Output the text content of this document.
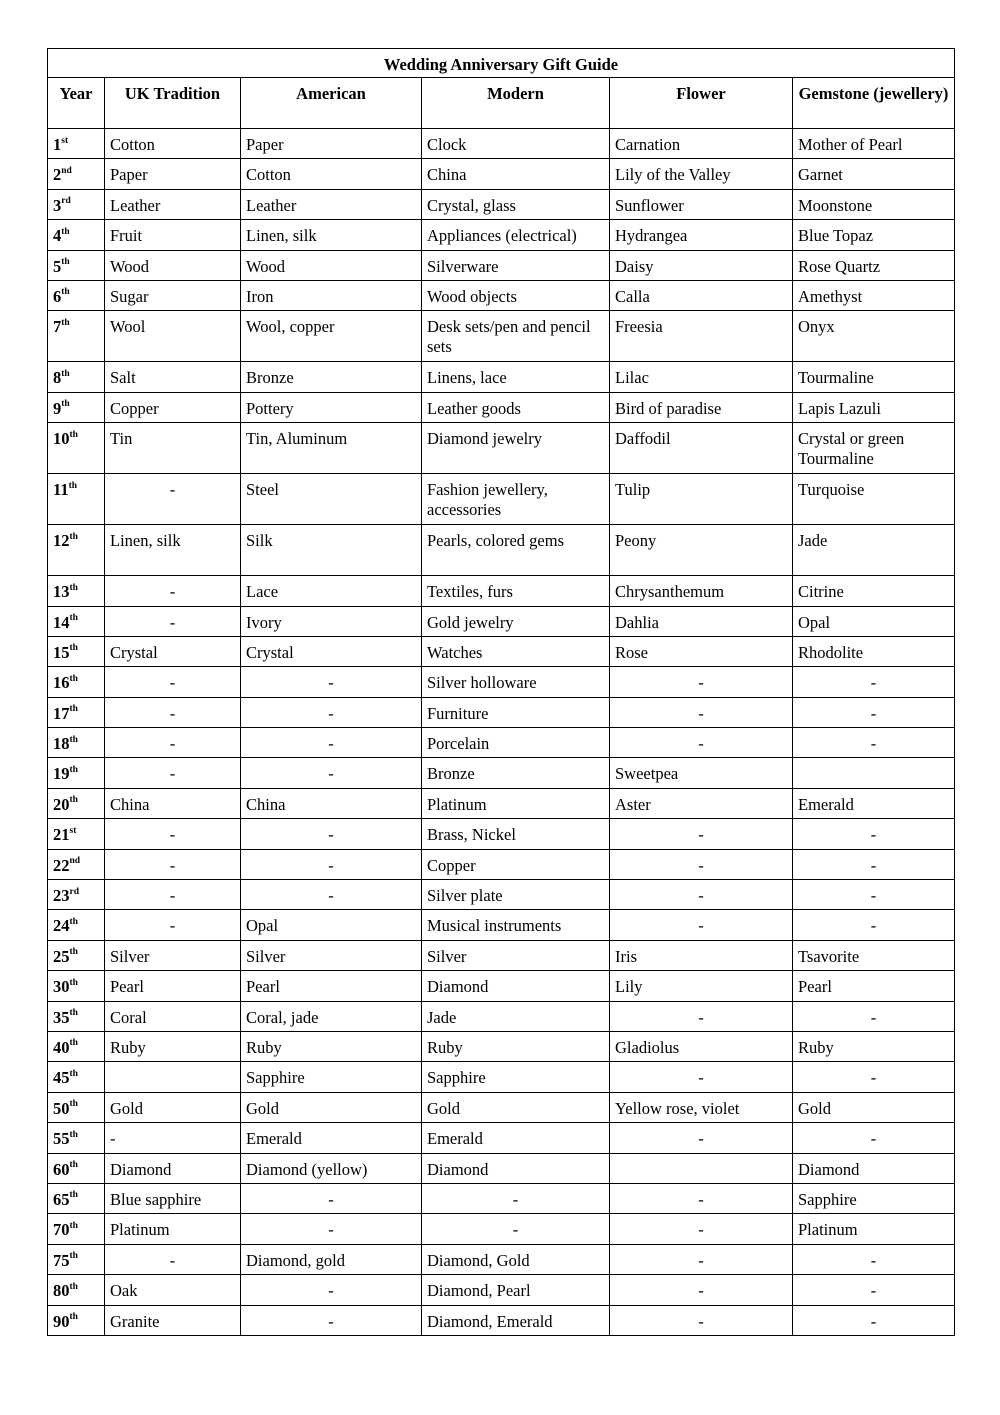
Wedding Anniversary Gift Guide					
Year	UK Tradition	American	Modern	Flower	Gemstone (jewellery)
1st	Cotton	Paper	Clock	Carnation	Mother of Pearl
2nd	Paper	Cotton	China	Lily of the Valley	Garnet
3rd	Leather	Leather	Crystal, glass	Sunflower	Moonstone
4th	Fruit	Linen, silk	Appliances (electrical)	Hydrangea	Blue Topaz
5th	Wood	Wood	Silverware	Daisy	Rose Quartz
6th	Sugar	Iron	Wood objects	Calla	Amethyst
7th	Wool	Wool, copper	Desk sets/pen and pencil sets	Freesia	Onyx
8th	Salt	Bronze	Linens, lace	Lilac	Tourmaline
9th	Copper	Pottery	Leather goods	Bird of paradise	Lapis Lazuli
10th	Tin	Tin, Aluminum	Diamond jewelry	Daffodil	Crystal or green Tourmaline
11th	-	Steel	Fashion jewellery, accessories	Tulip	Turquoise
12th	Linen, silk	Silk	Pearls, colored gems	Peony	Jade
13th	-	Lace	Textiles, furs	Chrysanthemum	Citrine
14th	-	Ivory	Gold jewelry	Dahlia	Opal
15th	Crystal	Crystal	Watches	Rose	Rhodolite
16th	-	-	Silver holloware	-	-
17th	-	-	Furniture	-	-
18th	-	-	Porcelain	-	-
19th	-	-	Bronze	Sweetpea	
20th	China	China	Platinum	Aster	Emerald
21st	-	-	Brass, Nickel	-	-
22nd	-	-	Copper	-	-
23rd	-	-	Silver plate	-	-
24th	-	Opal	Musical instruments	-	-
25th	Silver	Silver	Silver	Iris	Tsavorite
30th	Pearl	Pearl	Diamond	Lily	Pearl
35th	Coral	Coral, jade	Jade	-	-
40th	Ruby	Ruby	Ruby	Gladiolus	Ruby
45th		Sapphire	Sapphire	-	-
50th	Gold	Gold	Gold	Yellow rose, violet	Gold
55th	-	Emerald	Emerald	-	-
60th	Diamond	Diamond (yellow)	Diamond		Diamond
65th	Blue sapphire	-	-	-	Sapphire
70th	Platinum	-	-	-	Platinum
75th	-	Diamond, gold	Diamond, Gold	-	-
80th	Oak	-	Diamond, Pearl	-	-
90th	Granite	-	Diamond, Emerald	-	-
